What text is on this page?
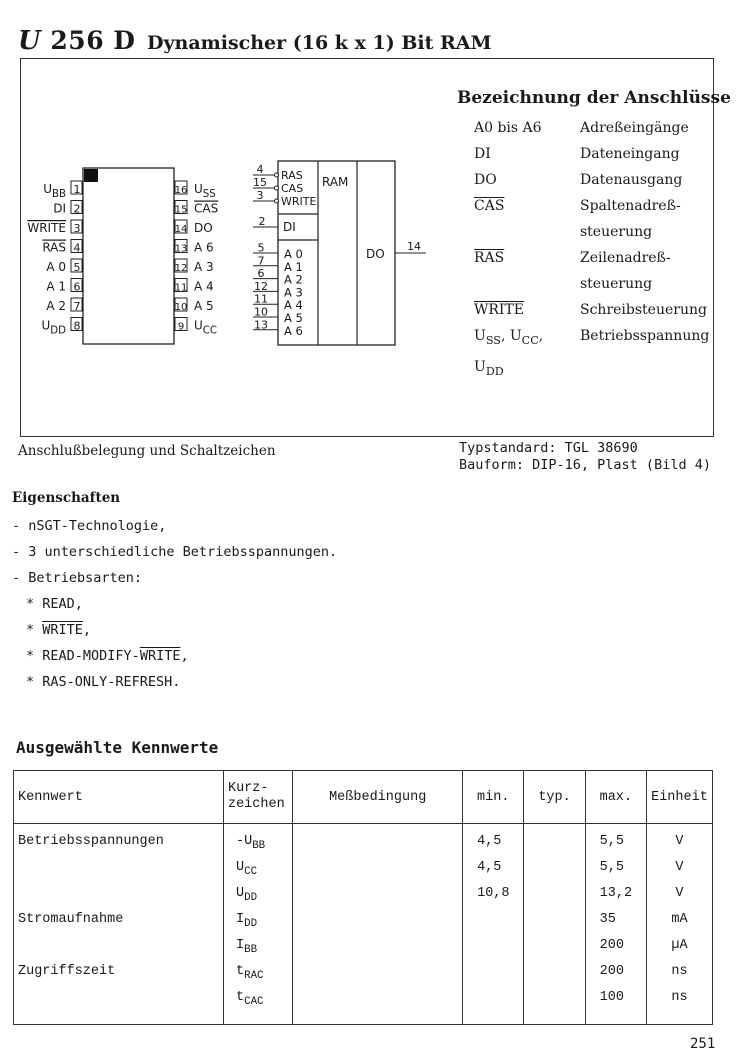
U 256 D Dynamischer (16 k x 1) Bit RAM
1
$U_{BB}$
2
DI
3
WRITE
4
RAS
5
A 0
6
A 1
7
A 2
8
$U_{DD}$
16 $U_{SS}$
15 CAS
14 DO
13 A 6
12 A 3
11 A 4
10 A 5
9 $U_{CC}$
4 RAS
15 CAS
3 WRITE
2 DI
5 A 0
7 A 1
6 A 2
12 A 3
11 A 4
10 A 5
13 A 6
RAM
DO
14
Bezeichnung der Anschlüsse
A0 bis A6	Adreßeingänge
DI	Dateneingang
DO	Datenausgang
$\overline{CAS}$	Spaltenadreß-
steuerung
$\overline{RAS}$	Zeilenadreß-
steuerung
WRITE	Schreibsteuerung
$U_{SS}$, $U_{CC}$,
$U_{DD}$
Betriebsspannung
Anschlußbelegung und Schaltzeichen	Typstandard: TGL 38690
Bauform: DIP-16, Plast (Bild 4)
Eigenschaften
- nSGT-Technologie,
- 3 unterschiedliche Betriebsspannungen.
- Betriebsarten:
* READ,
* WRITE,
* READ-MODIFY-WRITE,
* RAS-ONLY-REFRESH.
Ausgewählte Kennwerte
Kennwert	Kurz-
zeichen	Meßbedingung	min.	typ.	max.	Einheit
Betriebsspannungen	$-U_{BB}$		4,5		5,5	V
	$U_{CC}$		4,5		5,5	V
	$U_{DD}$		10,8		13,2	V
Stromaufnahme	$I_{DD}$				35	mA
	$I_{BB}$				200	µA
Zugriffszeit	$t_{RAC}$				200	ns
	$t_{CAC}$				100	ns
251
